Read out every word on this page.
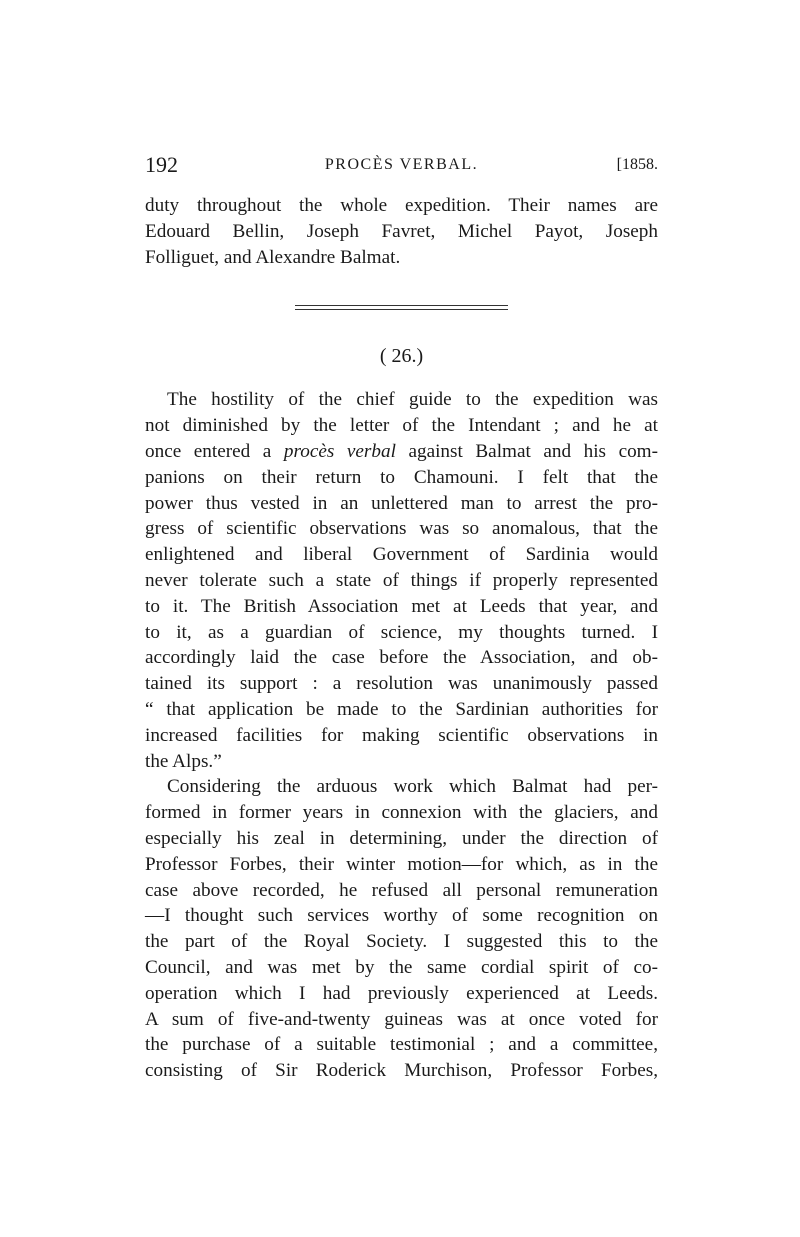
192	PROCÈS VERBAL.	[1858.
duty throughout the whole expedition. Their names are
Edouard Bellin, Joseph Favret, Michel Payot, Joseph
Folliguet, and Alexandre Balmat.
( 26.)
The hostility of the chief guide to the expedition was
not diminished by the letter of the Intendant ; and he at
once entered a procès verbal against Balmat and his com-
panions on their return to Chamouni. I felt that the
power thus vested in an unlettered man to arrest the pro-
gress of scientific observations was so anomalous, that the
enlightened and liberal Government of Sardinia would
never tolerate such a state of things if properly represented
to it. The British Association met at Leeds that year, and
to it, as a guardian of science, my thoughts turned. I
accordingly laid the case before the Association, and ob-
tained its support : a resolution was unanimously passed
“ that application be made to the Sardinian authorities for
increased facilities for making scientific observations in
the Alps.”
Considering the arduous work which Balmat had per-
formed in former years in connexion with the glaciers, and
especially his zeal in determining, under the direction of
Professor Forbes, their winter motion—for which, as in the
case above recorded, he refused all personal remuneration
—I thought such services worthy of some recognition on
the part of the Royal Society. I suggested this to the
Council, and was met by the same cordial spirit of co-
operation which I had previously experienced at Leeds.
A sum of five-and-twenty guineas was at once voted for
the purchase of a suitable testimonial ; and a committee,
consisting of Sir Roderick Murchison, Professor Forbes,
